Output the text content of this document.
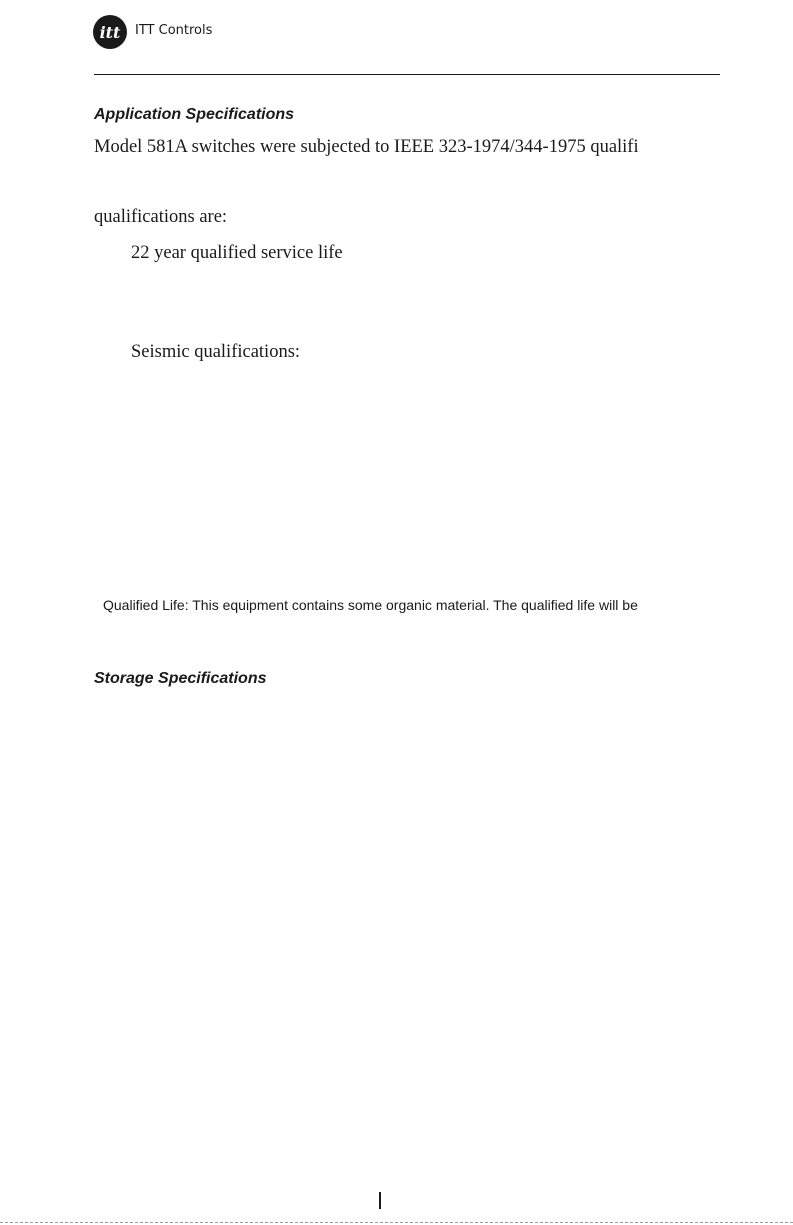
itt ITT Controls
Application Specifications
Model 581A switches were subjected to IEEE 323-1974/344-1975 qualifi
qualifications are:
22 year qualified service life
Seismic qualifications:
Qualified Life: This equipment contains some organic material. The qualified life will be
Storage Specifications
